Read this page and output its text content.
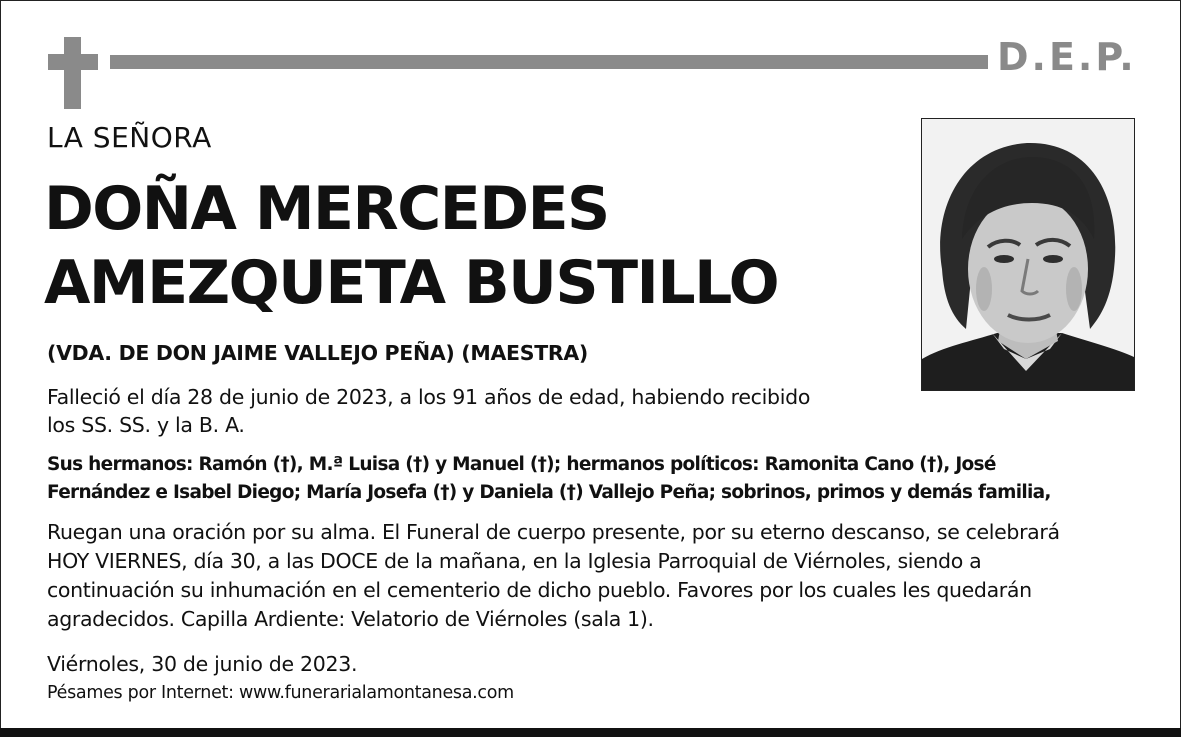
D.E.P.
LA SEÑORA
DOÑA MERCEDES
AMEZQUETA BUSTILLO
(VDA. DE DON JAIME VALLEJO PEÑA) (MAESTRA)
Falleció el día 28 de junio de 2023, a los 91 años de edad, habiendo recibido
los SS. SS. y la B. A.
Sus hermanos: Ramón (†), M.ª Luisa (†) y Manuel (†); hermanos políticos: Ramonita Cano (†), José
Fernández e Isabel Diego; María Josefa (†) y Daniela (†) Vallejo Peña; sobrinos, primos y demás familia,
Ruegan una oración por su alma. El Funeral de cuerpo presente, por su eterno descanso, se celebrará
HOY VIERNES, día 30, a las DOCE de la mañana, en la Iglesia Parroquial de Viérnoles, siendo a
continuación su inhumación en el cementerio de dicho pueblo. Favores por los cuales les quedarán
agradecidos. Capilla Ardiente: Velatorio de Viérnoles (sala 1).
Viérnoles, 30 de junio de 2023.
Pésames por Internet: www.funerarialamontanesa.com
